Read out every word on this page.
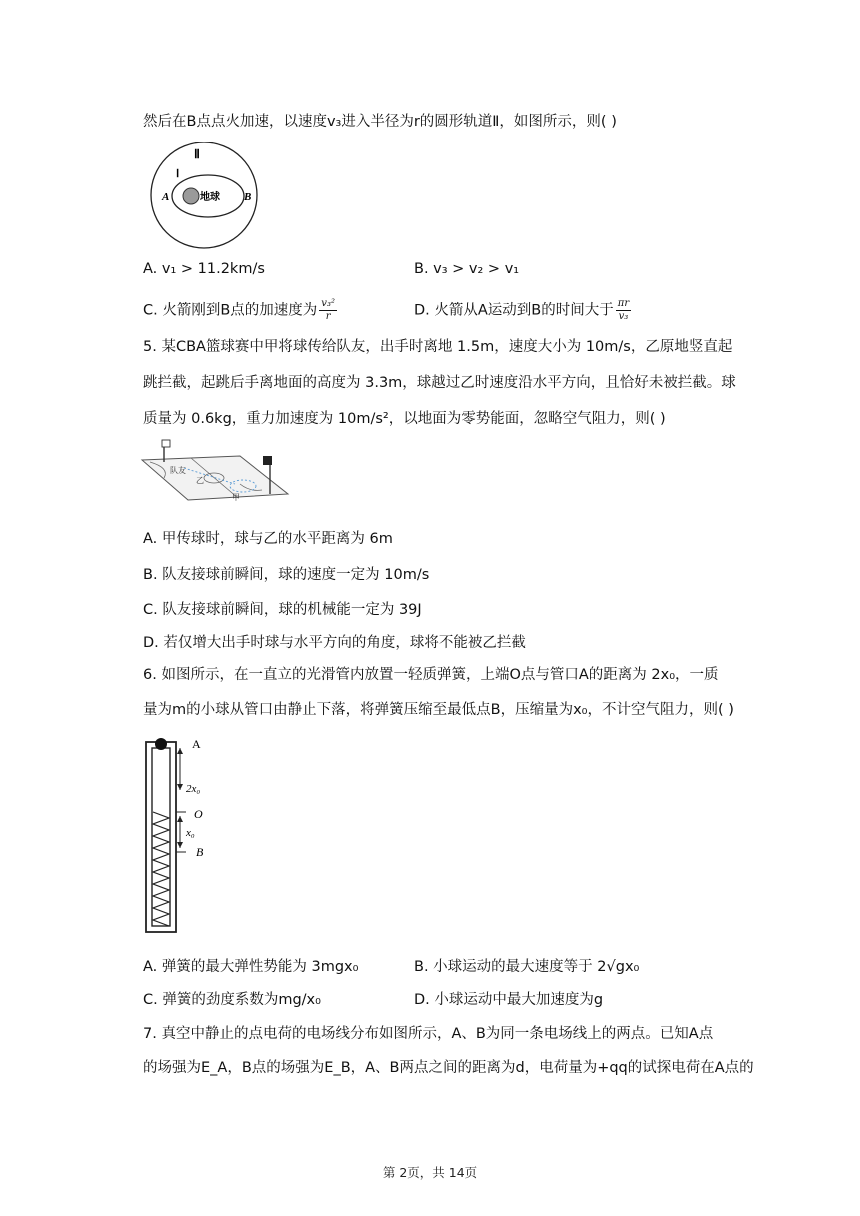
然后在B点点火加速，以速度v₃进入半径为r的圆形轨道Ⅱ，如图所示，则( )
Ⅱ
Ⅰ
A	B
地球
A. v₁ > 11.2km/s	B. v₃ > v₂ > v₁
C. 火箭刚到B点的加速度为 $\frac{\text{v₃²}}{r}$	D. 火箭从A运动到B的时间大于 $\frac{\pi r}{\text{v₃}}$
5. 某CBA篮球赛中甲将球传给队友，出手时离地 1.5m，速度大小为 10m/s，乙原地竖直起
跳拦截，起跳后手离地面的高度为 3.3m，球越过乙时速度沿水平方向，且恰好未被拦截。球
质量为 0.6kg，重力加速度为 10m/s²，以地面为零势能面，忽略空气阻力，则( )
队友
乙
甲
A. 甲传球时，球与乙的水平距离为 6m
B. 队友接球前瞬间，球的速度一定为 10m/s
C. 队友接球前瞬间，球的机械能一定为 39J
D. 若仅增大出手时球与水平方向的角度，球将不能被乙拦截
6. 如图所示，在一直立的光滑管内放置一轻质弹簧，上端O点与管口A的距离为 2x₀，一质
量为m的小球从管口由静止下落，将弹簧压缩至最低点B，压缩量为x₀，不计空气阻力，则( )
A
2x₀
O
x₀
B
A. 弹簧的最大弹性势能为 3mgx₀	B. 小球运动的最大速度等于 2√gx₀
C. 弹簧的劲度系数为mg/x₀	D. 小球运动中最大加速度为g
7. 真空中静止的点电荷的电场线分布如图所示，A、B为同一条电场线上的两点。已知A点
的场强为E_A，B点的场强为E_B，A、B两点之间的距离为d，电荷量为+qq的试探电荷在A点的
第 2页，共 14页
